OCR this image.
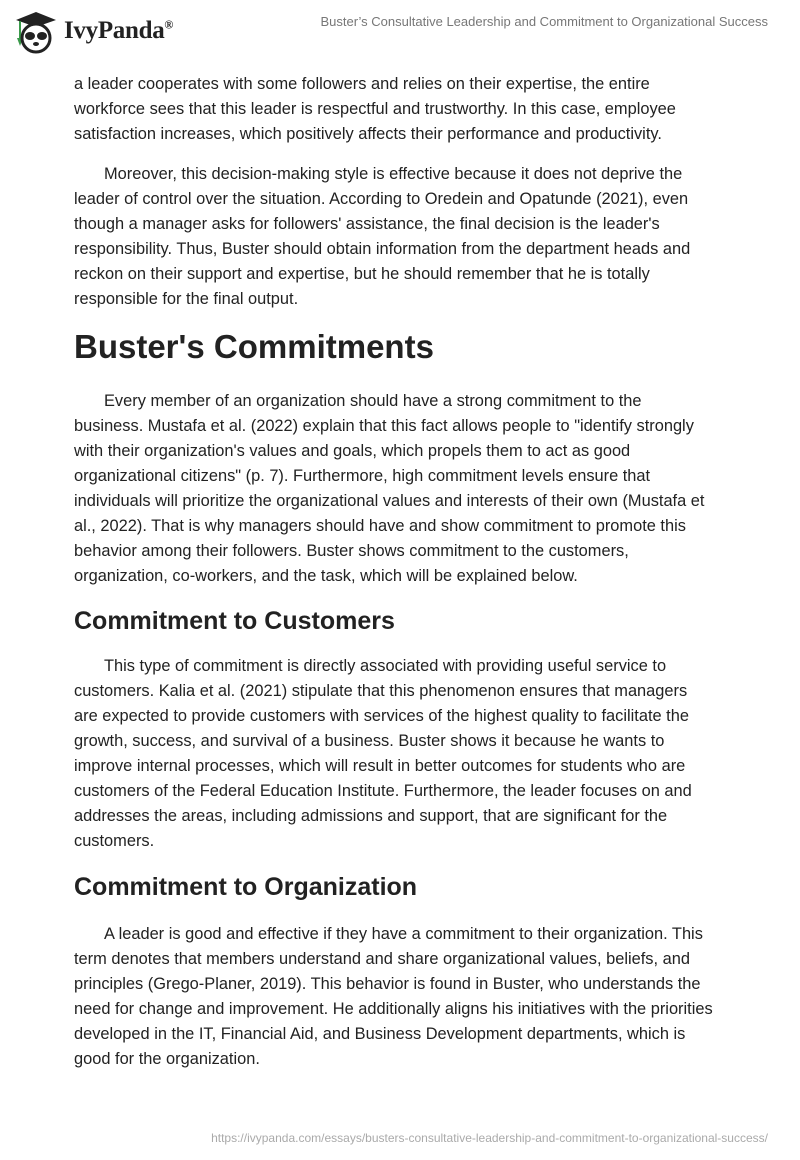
IvyPanda®	Buster’s Consultative Leadership and Commitment to Organizational Success
a leader cooperates with some followers and relies on their expertise, the entire
workforce sees that this leader is respectful and trustworthy. In this case, employee
satisfaction increases, which positively affects their performance and productivity.
Moreover, this decision-making style is effective because it does not deprive the
leader of control over the situation. According to Oredein and Opatunde (2021), even
though a manager asks for followers' assistance, the final decision is the leader's
responsibility. Thus, Buster should obtain information from the department heads and
reckon on their support and expertise, but he should remember that he is totally
responsible for the final output.
Buster's Commitments
Every member of an organization should have a strong commitment to the
business. Mustafa et al. (2022) explain that this fact allows people to "identify strongly
with their organization's values and goals, which propels them to act as good
organizational citizens" (p. 7). Furthermore, high commitment levels ensure that
individuals will prioritize the organizational values and interests of their own (Mustafa et
al., 2022). That is why managers should have and show commitment to promote this
behavior among their followers. Buster shows commitment to the customers,
organization, co-workers, and the task, which will be explained below.
Commitment to Customers
This type of commitment is directly associated with providing useful service to
customers. Kalia et al. (2021) stipulate that this phenomenon ensures that managers
are expected to provide customers with services of the highest quality to facilitate the
growth, success, and survival of a business. Buster shows it because he wants to
improve internal processes, which will result in better outcomes for students who are
customers of the Federal Education Institute. Furthermore, the leader focuses on and
addresses the areas, including admissions and support, that are significant for the
customers.
Commitment to Organization
A leader is good and effective if they have a commitment to their organization. This
term denotes that members understand and share organizational values, beliefs, and
principles (Grego-Planer, 2019). This behavior is found in Buster, who understands the
need for change and improvement. He additionally aligns his initiatives with the priorities
developed in the IT, Financial Aid, and Business Development departments, which is
good for the organization.
https://ivypanda.com/essays/busters-consultative-leadership-and-commitment-to-organizational-success/
